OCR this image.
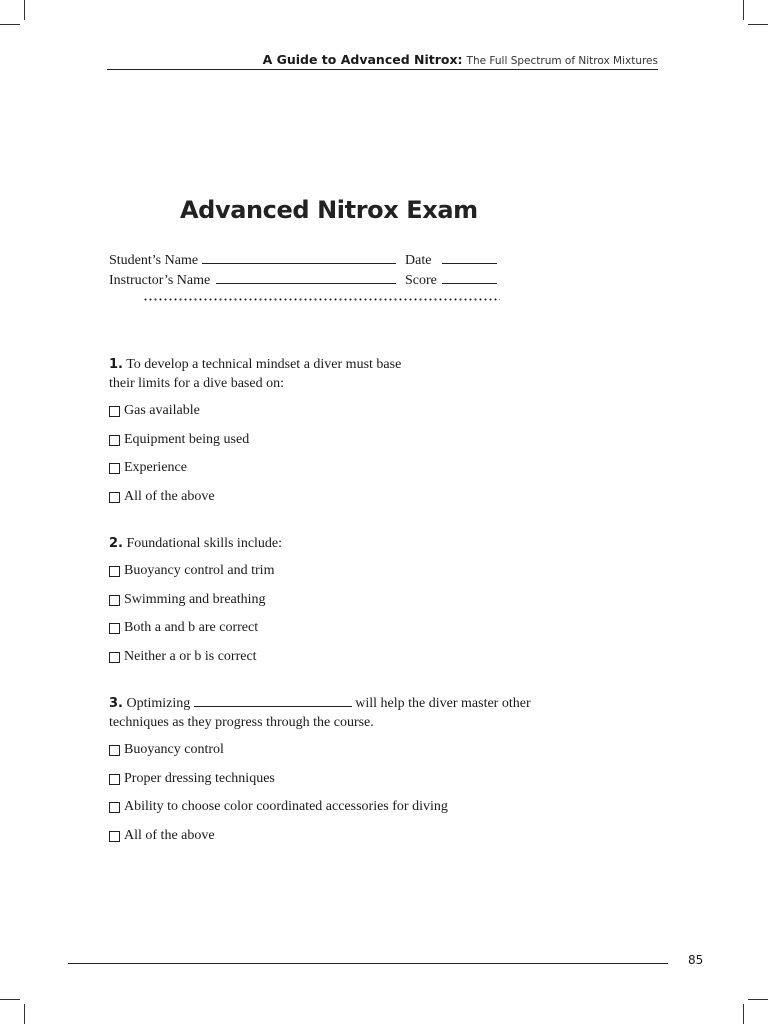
A Guide to Advanced Nitrox: The Full Spectrum of Nitrox Mixtures
Advanced Nitrox Exam
Student’s Name	Date
Instructor’s Name	Score
1. To develop a technical mindset a diver must base
their limits for a dive based on:
Gas available
Equipment being used
Experience
All of the above
2. Foundational skills include:
Buoyancy control and trim
Swimming and breathing
Both a and b are correct
Neither a or b is correct
3. Optimizing	will help the diver master other
techniques as they progress through the course.
Buoyancy control
Proper dressing techniques
Ability to choose color coordinated accessories for diving
All of the above
85
